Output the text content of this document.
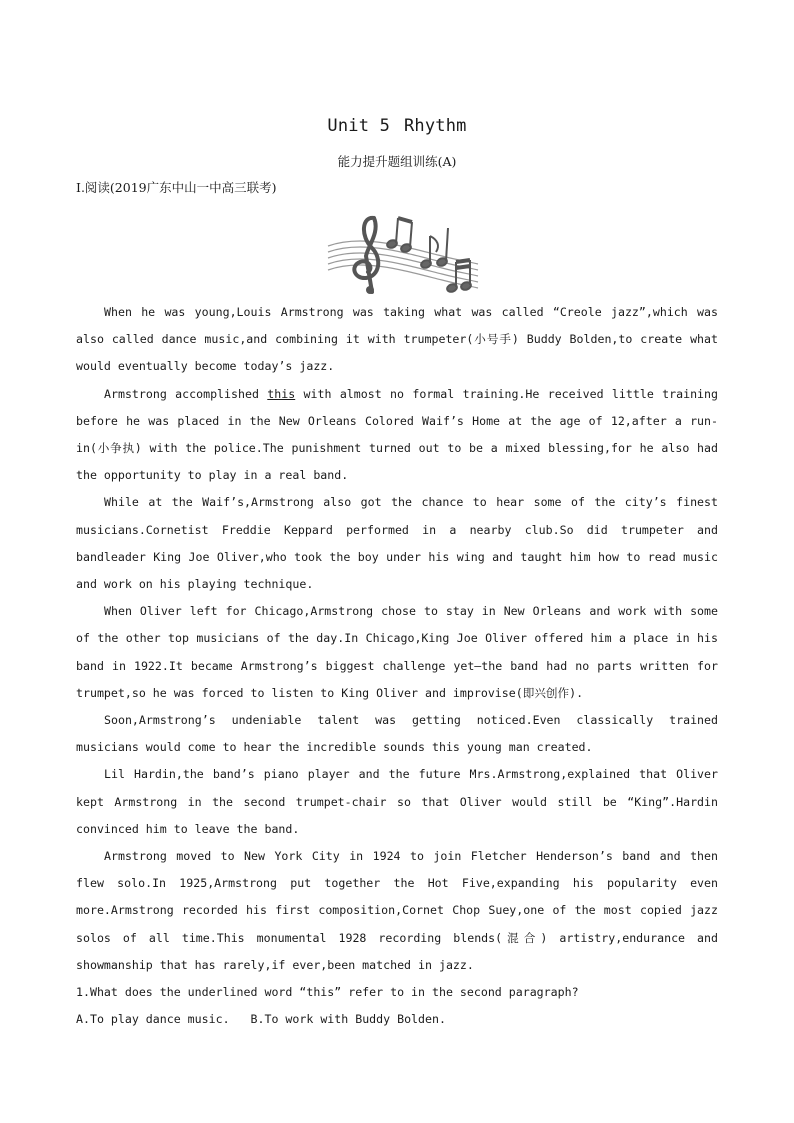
Unit 5 Rhythm
能力提升题组训练(A)
Ⅰ.阅读(2019广东中山一中高三联考)

When he was young,Louis Armstrong was taking what was called “Creole jazz”,which was also called dance music,and combining it with trumpeter(小号手) Buddy Bolden,to create what would eventually become today’s jazz.

Armstrong accomplished this with almost no formal training.He received little training before he was placed in the New Orleans Colored Waif’s Home at the age of 12,after a run-in(小争执) with the police.The punishment turned out to be a mixed blessing,for he also had the opportunity to play in a real band.

While at the Waif’s,Armstrong also got the chance to hear some of the city’s finest musicians.Cornetist Freddie Keppard performed in a nearby club.So did trumpeter and bandleader King Joe Oliver,who took the boy under his wing and taught him how to read music and work on his playing technique.

When Oliver left for Chicago,Armstrong chose to stay in New Orleans and work with some of the other top musicians of the day.In Chicago,King Joe Oliver offered him a place in his band in 1922.It became Armstrong’s biggest challenge yet—the band had no parts written for trumpet,so he was forced to listen to King Oliver and improvise(即兴创作).

Soon,Armstrong’s undeniable talent was getting noticed.Even classically trained musicians would come to hear the incredible sounds this young man created.

Lil Hardin,the band’s piano player and the future Mrs.Armstrong,explained that Oliver kept Armstrong in the second trumpet-chair so that Oliver would still be “King”.Hardin convinced him to leave the band.

Armstrong moved to New York City in 1924 to join Fletcher Henderson’s band and then flew solo.In 1925,Armstrong put together the Hot Five,expanding his popularity even more.Armstrong recorded his first composition,Cornet Chop Suey,one of the most copied jazz solos of all time.This monumental 1928 recording blends(混合) artistry,endurance and showmanship that has rarely,if ever,been matched in jazz.

1.What does the underlined word “this” refer to in the second paragraph?

A.To play dance music. B.To work with Buddy Bolden.
